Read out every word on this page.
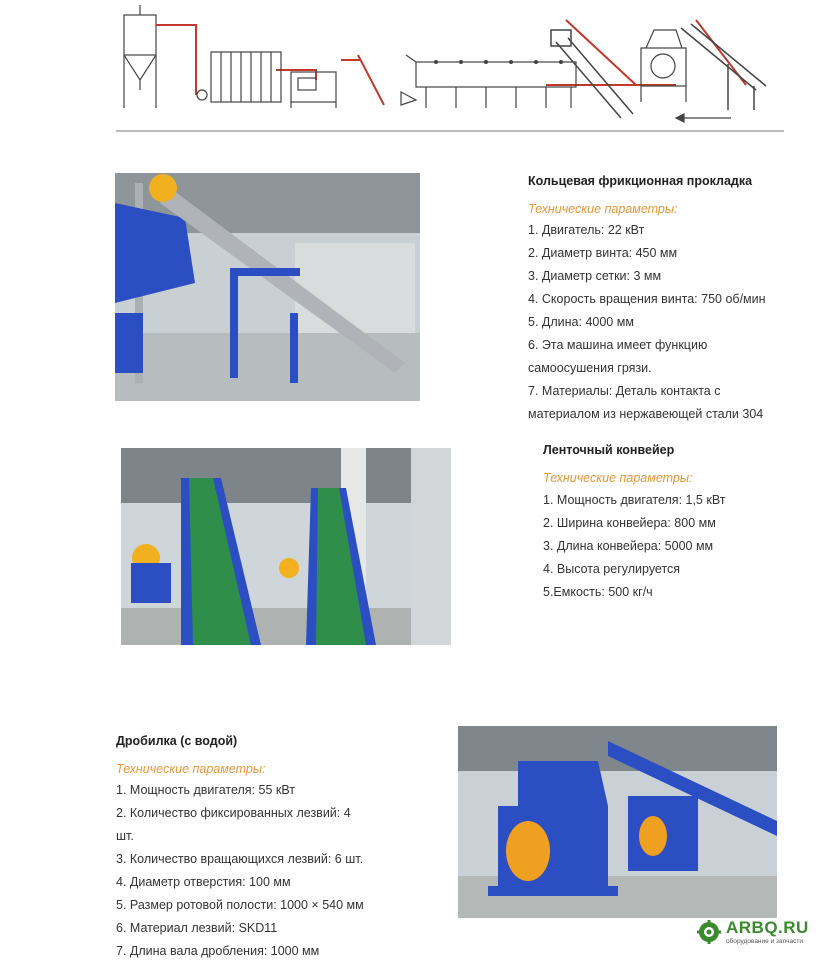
Кольцевая фрикционная прокладка
Технические параметры:
1. Двигатель: 22 кВт
2. Диаметр винта: 450 мм
3. Диаметр сетки: 3 мм
4. Скорость вращения винта: 750 об/мин
5. Длина: 4000 мм
6. Эта машина имеет функцию
самоосушения грязи.
7. Материалы: Деталь контакта с
материалом из нержавеющей стали 304
Ленточный конвейер
Технические параметры:
1. Мощность двигателя: 1,5 кВт
2. Ширина конвейера: 800 мм
3. Длина конвейера: 5000 мм
4. Высота регулируется
5.Емкость: 500 кг/ч
Дробилка (с водой)
Технические параметры:
1. Мощность двигателя: 55 кВт
2. Количество фиксированных лезвий: 4
шт.
3. Количество вращающихся лезвий: 6 шт.
4. Диаметр отверстия: 100 мм
5. Размер ротовой полости: 1000 × 540 мм
6. Материал лезвий: SKD11
7. Длина вала дробления: 1000 мм
ARBQ.RU
оборудование и запчасти
